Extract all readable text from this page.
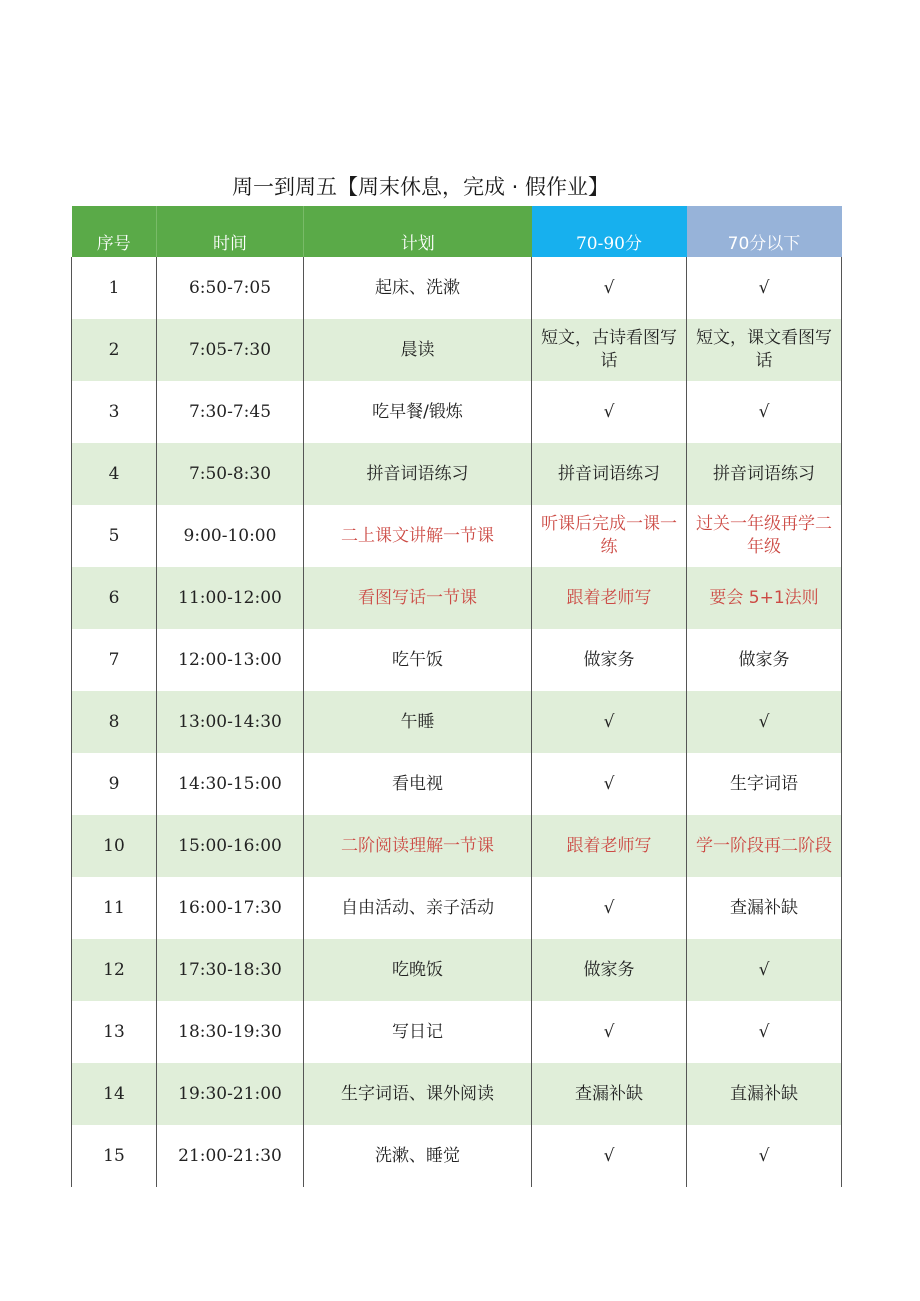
周一到周五【周末休息，完成 · 假作业】
序号	时间	计划	70-90分	70分以下
1	6:50-7:05	起床、洗漱	√	√
2	7:05-7:30	晨读	短文，古诗看图写话	短文，课文看图写话
3	7:30-7:45	吃早餐/锻炼	√	√
4	7:50-8:30	拼音词语练习	拼音词语练习	拼音词语练习
5	9:00-10:00	二上课文讲解一节课	听课后完成一课一练	过关一年级再学二年级
6	11:00-12:00	看图写话一节课	跟着老师写	要会 5+1法则
7	12:00-13:00	吃午饭	做家务	做家务
8	13:00-14:30	午睡	√	√
9	14:30-15:00	看电视	√	生字词语
10	15:00-16:00	二阶阅读理解一节课	跟着老师写	学一阶段再二阶段
11	16:00-17:30	自由活动、亲子活动	√	查漏补缺
12	17:30-18:30	吃晚饭	做家务	√
13	18:30-19:30	写日记	√	√
14	19:30-21:00	生字词语、课外阅读	查漏补缺	直漏补缺
15	21:00-21:30	洗漱、睡觉	√	√
